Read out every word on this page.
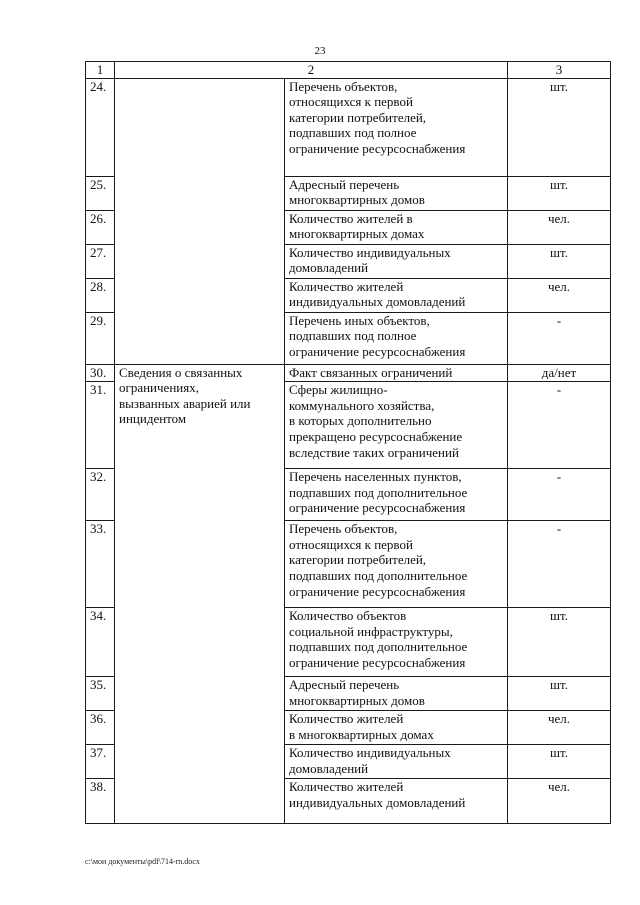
23
1	2		3
24.		Перечень объектов,
относящихся к первой
категории потребителей,
подпавших под полное
ограничение ресурсоснабжения	шт.
25.		Адресный перечень
многоквартирных домов	шт.
26.		Количество жителей в
многоквартирных домах	чел.
27.		Количество индивидуальных
домовладений	шт.
28.		Количество жителей
индивидуальных домовладений	чел.
29.		Перечень иных объектов,
подпавших под полное
ограничение ресурсоснабжения	-
30.	Сведения о связанных
ограничениях,
вызванных аварией или
инцидентом	Факт связанных ограничений	да/нет
31.		Сферы жилищно-
коммунального хозяйства,
в которых дополнительно
прекращено ресурсоснабжение
вследствие таких ограничений	-
32.		Перечень населенных пунктов,
подпавших под дополнительное
ограничение ресурсоснабжения	-
33.		Перечень объектов,
относящихся к первой
категории потребителей,
подпавших под дополнительное
ограничение ресурсоснабжения	-
34.		Количество объектов
социальной инфраструктуры,
подпавших под дополнительное
ограничение ресурсоснабжения	шт.
35.		Адресный перечень
многоквартирных домов	шт.
36.		Количество жителей
в многоквартирных домах	чел.
37.		Количество индивидуальных
домовладений	шт.
38.		Количество жителей
индивидуальных домовладений	чел.
c:\мои документы\pdf\714-rn.docx
